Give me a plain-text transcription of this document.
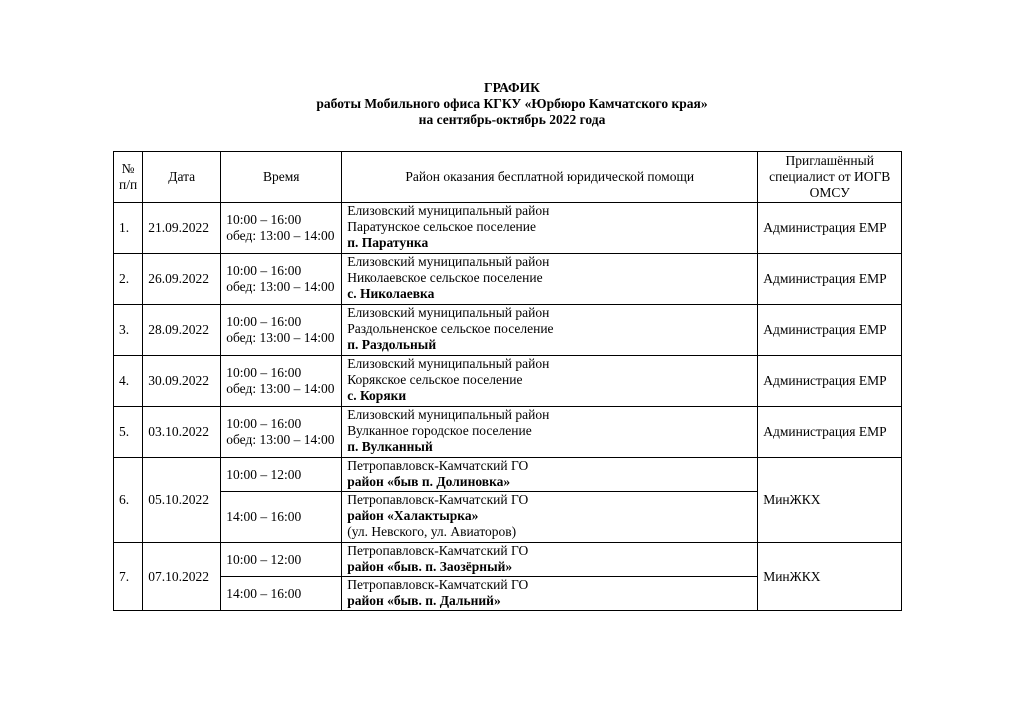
ГРАФИК
работы Мобильного офиса КГКУ «Юрбюро Камчатского края»
на сентябрь-октябрь 2022 года
№
п/п	Дата	Время	Район оказания бесплатной юридической помощи	Приглашённый
специалист от ИОГВ
ОМСУ

1.	21.09.2022	10:00 – 16:00
обед: 13:00 – 14:00	Елизовский муниципальный район
Паратунское сельское поселение
п. Паратунка	Администрация ЕМР
2.	26.09.2022	10:00 – 16:00
обед: 13:00 – 14:00	Елизовский муниципальный район
Николаевское сельское поселение
с. Николаевка	Администрация ЕМР
3.	28.09.2022	10:00 – 16:00
обед: 13:00 – 14:00	Елизовский муниципальный район
Раздольненское сельское поселение
п. Раздольный	Администрация ЕМР
4.	30.09.2022	10:00 – 16:00
обед: 13:00 – 14:00	Елизовский муниципальный район
Корякское сельское поселение
с. Коряки	Администрация ЕМР
5.	03.10.2022	10:00 – 16:00
обед: 13:00 – 14:00	Елизовский муниципальный район
Вулканное городское поселение
п. Вулканный	Администрация ЕМР
6.	05.10.2022	10:00 – 12:00	Петропавловск-Камчатский ГО
район «быв п. Долиновка»	МинЖКХ
		14:00 – 16:00	Петропавловск-Камчатский ГО
район «Халактырка»
(ул. Невского, ул. Авиаторов)	

7.	07.10.2022	10:00 – 12:00	Петропавловск-Камчатский ГО
район «быв. п. Заозёрный»	МинЖКХ
		14:00 – 16:00	Петропавловск-Камчатский ГО
район «быв. п. Дальний»	
